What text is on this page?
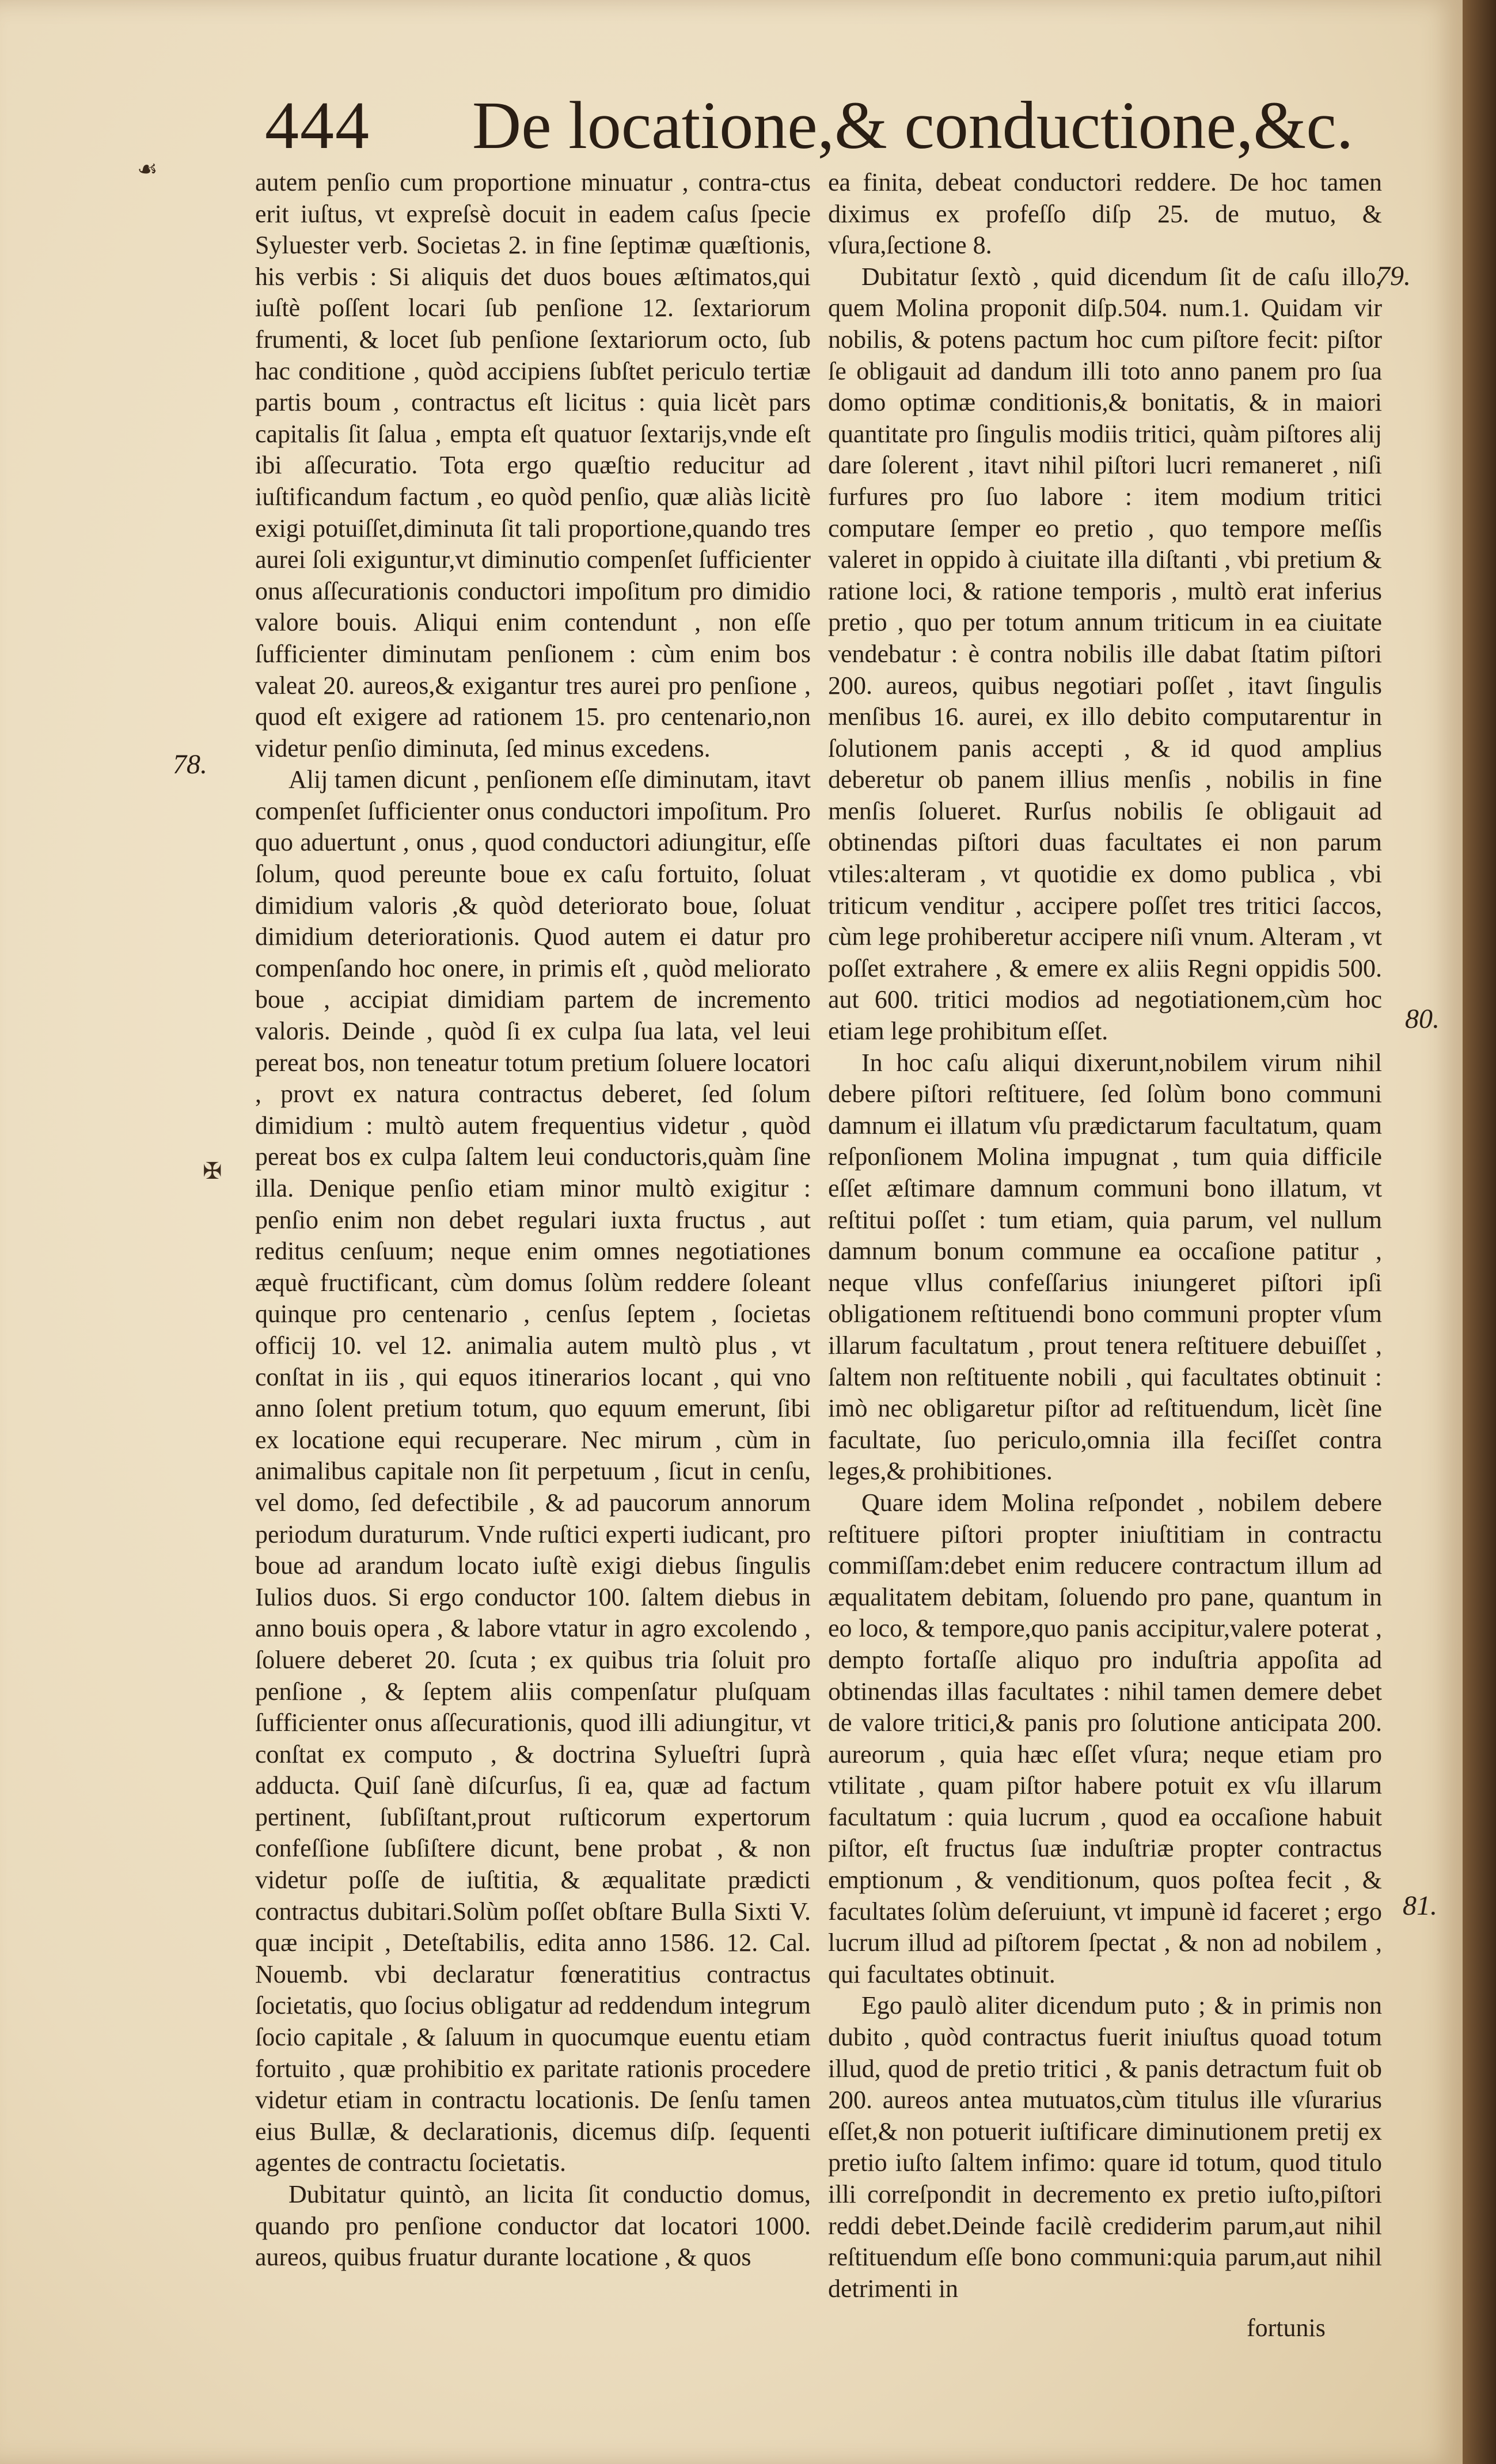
444 De locatione,& conductione,&c.
☙
✠
78.
79.
80.
81.

autem penſio cum proportione minuatur , contra-ctus erit iuſtus, vt expreſsè docuit in eadem caſus ſpecie Syluester verb. Societas 2. in fine ſeptimæ quæſtionis, his verbis : Si aliquis det duos boues æſtimatos,qui iuſtè poſſent locari ſub penſione 12. ſextariorum frumenti, & locet ſub penſione ſextariorum octo, ſub hac conditione , quòd accipiens ſubſtet periculo tertiæ partis boum , contractus eſt licitus : quia licèt pars capitalis ſit ſalua , empta eſt quatuor ſextarijs,vnde eſt ibi aſſecuratio. Tota ergo quæſtio reducitur ad iuſtificandum factum , eo quòd penſio, quæ aliàs licitè exigi potuiſſet,diminuta ſit tali proportione,quando tres aurei ſoli exiguntur,vt diminutio compenſet ſufficienter onus aſſecurationis conductori impoſitum pro dimidio valore bouis. Aliqui enim contendunt , non eſſe ſufficienter diminutam penſionem : cùm enim bos valeat 20. aureos,& exigantur tres aurei pro penſione , quod eſt exigere ad rationem 15. pro centenario,non videtur penſio diminuta, ſed minus excedens.

Alij tamen dicunt , penſionem eſſe diminutam, itavt compenſet ſufficienter onus conductori impoſitum. Pro quo aduertunt , onus , quod conductori adiungitur, eſſe ſolum, quod pereunte boue ex caſu fortuito, ſoluat dimidium valoris ,& quòd deteriorato boue, ſoluat dimidium deteriorationis. Quod autem ei datur pro compenſando hoc onere, in primis eſt , quòd meliorato boue , accipiat dimidiam partem de incremento valoris. Deinde , quòd ſi ex culpa ſua lata, vel leui pereat bos, non teneatur totum pretium ſoluere locatori , provt ex natura contractus deberet, ſed ſolum dimidium : multò autem frequentius videtur , quòd pereat bos ex culpa ſaltem leui conductoris,quàm ſine illa. Denique penſio etiam minor multò exigitur : penſio enim non debet regulari iuxta fructus , aut reditus cenſuum; neque enim omnes negotiationes æquè fructificant, cùm domus ſolùm reddere ſoleant quinque pro centenario , cenſus ſeptem , ſocietas officij 10. vel 12. animalia autem multò plus , vt conſtat in iis , qui equos itinerarios locant , qui vno anno ſolent pretium totum, quo equum emerunt, ſibi ex locatione equi recuperare. Nec mirum , cùm in animalibus capitale non ſit perpetuum , ſicut in cenſu, vel domo, ſed defectibile , & ad paucorum annorum periodum duraturum. Vnde ruſtici experti iudicant, pro boue ad arandum locato iuſtè exigi diebus ſingulis Iulios duos. Si ergo conductor 100. ſaltem diebus in anno bouis opera , & labore vtatur in agro excolendo , ſoluere deberet 20. ſcuta ; ex quibus tria ſoluit pro penſione , & ſeptem aliis compenſatur pluſquam ſufficienter onus aſſecurationis, quod illi adiungitur, vt conſtat ex computo , & doctrina Sylueſtri ſuprà adducta. Quiſ ſanè diſcurſus, ſi ea, quæ ad factum pertinent, ſubſiſtant,prout ruſticorum expertorum confeſſione ſubſiſtere dicunt, bene probat , & non videtur poſſe de iuſtitia, & æqualitate prædicti contractus dubitari.Solùm poſſet obſtare Bulla Sixti V. quæ incipit , Deteſtabilis, edita anno 1586. 12. Cal. Nouemb. vbi declaratur fœneratitius contractus ſocietatis, quo ſocius obligatur ad reddendum integrum ſocio capitale , & ſaluum in quocumque euentu etiam fortuito , quæ prohibitio ex paritate rationis procedere videtur etiam in contractu locationis. De ſenſu tamen eius Bullæ, & declarationis, dicemus diſp. ſequenti agentes de contractu ſocietatis.

Dubitatur quintò, an licita ſit conductio domus, quando pro penſione conductor dat locatori 1000. aureos, quibus fruatur durante locatione , & quos

ea finita, debeat conductori reddere. De hoc tamen diximus ex profeſſo diſp 25. de mutuo, & vſura,ſectione 8.

Dubitatur ſextò , quid dicendum ſit de caſu illo, quem Molina proponit diſp.504. num.1. Quidam vir nobilis, & potens pactum hoc cum piſtore fecit: piſtor ſe obligauit ad dandum illi toto anno panem pro ſua domo optimæ conditionis,& bonitatis, & in maiori quantitate pro ſingulis modiis tritici, quàm piſtores alij dare ſolerent , itavt nihil piſtori lucri remaneret , niſi furfures pro ſuo labore : item modium tritici computare ſemper eo pretio , quo tempore meſſis valeret in oppido à ciuitate illa diſtanti , vbi pretium & ratione loci, & ratione temporis , multò erat inferius pretio , quo per totum annum triticum in ea ciuitate vendebatur : è contra nobilis ille dabat ſtatim piſtori 200. aureos, quibus negotiari poſſet , itavt ſingulis menſibus 16. aurei, ex illo debito computarentur in ſolutionem panis accepti , & id quod amplius deberetur ob panem illius menſis , nobilis in fine menſis ſolueret. Rurſus nobilis ſe obligauit ad obtinendas piſtori duas facultates ei non parum vtiles:alteram , vt quotidie ex domo publica , vbi triticum venditur , accipere poſſet tres tritici ſaccos, cùm lege prohiberetur accipere niſi vnum. Alteram , vt poſſet extrahere , & emere ex aliis Regni oppidis 500. aut 600. tritici modios ad negotiationem,cùm hoc etiam lege prohibitum eſſet.

In hoc caſu aliqui dixerunt,nobilem virum nihil debere piſtori reſtituere, ſed ſolùm bono communi damnum ei illatum vſu prædictarum facultatum, quam reſponſionem Molina impugnat , tum quia difficile eſſet æſtimare damnum communi bono illatum, vt reſtitui poſſet : tum etiam, quia parum, vel nullum damnum bonum commune ea occaſione patitur , neque vllus confeſſarius iniungeret piſtori ipſi obligationem reſtituendi bono communi propter vſum illarum facultatum , prout tenera reſtituere debuiſſet , ſaltem non reſtituente nobili , qui facultates obtinuit : imò nec obligaretur piſtor ad reſtituendum, licèt ſine facultate, ſuo periculo,omnia illa feciſſet contra leges,& prohibitiones.

Quare idem Molina reſpondet , nobilem debere reſtituere piſtori propter iniuſtitiam in contractu commiſſam:debet enim reducere contractum illum ad æqualitatem debitam, ſoluendo pro pane, quantum in eo loco, & tempore,quo panis accipitur,valere poterat , dempto fortaſſe aliquo pro induſtria appoſita ad obtinendas illas facultates : nihil tamen demere debet de valore tritici,& panis pro ſolutione anticipata 200. aureorum , quia hæc eſſet vſura; neque etiam pro vtilitate , quam piſtor habere potuit ex vſu illarum facultatum : quia lucrum , quod ea occaſione habuit piſtor, eſt fructus ſuæ induſtriæ propter contractus emptionum , & venditionum, quos poſtea fecit , & facultates ſolùm deſeruiunt, vt impunè id faceret ; ergo lucrum illud ad piſtorem ſpectat , & non ad nobilem , qui facultates obtinuit.

Ego paulò aliter dicendum puto ; & in primis non dubito , quòd contractus fuerit iniuſtus quoad totum illud, quod de pretio tritici , & panis detractum fuit ob 200. aureos antea mutuatos,cùm titulus ille vſurarius eſſet,& non potuerit iuſtificare diminutionem pretij ex pretio iuſto ſaltem infimo: quare id totum, quod titulo illi correſpondit in decremento ex pretio iuſto,piſtori reddi debet.Deinde facilè crediderim parum,aut nihil reſtituendum eſſe bono communi:quia parum,aut nihil detrimenti in

fortunis
